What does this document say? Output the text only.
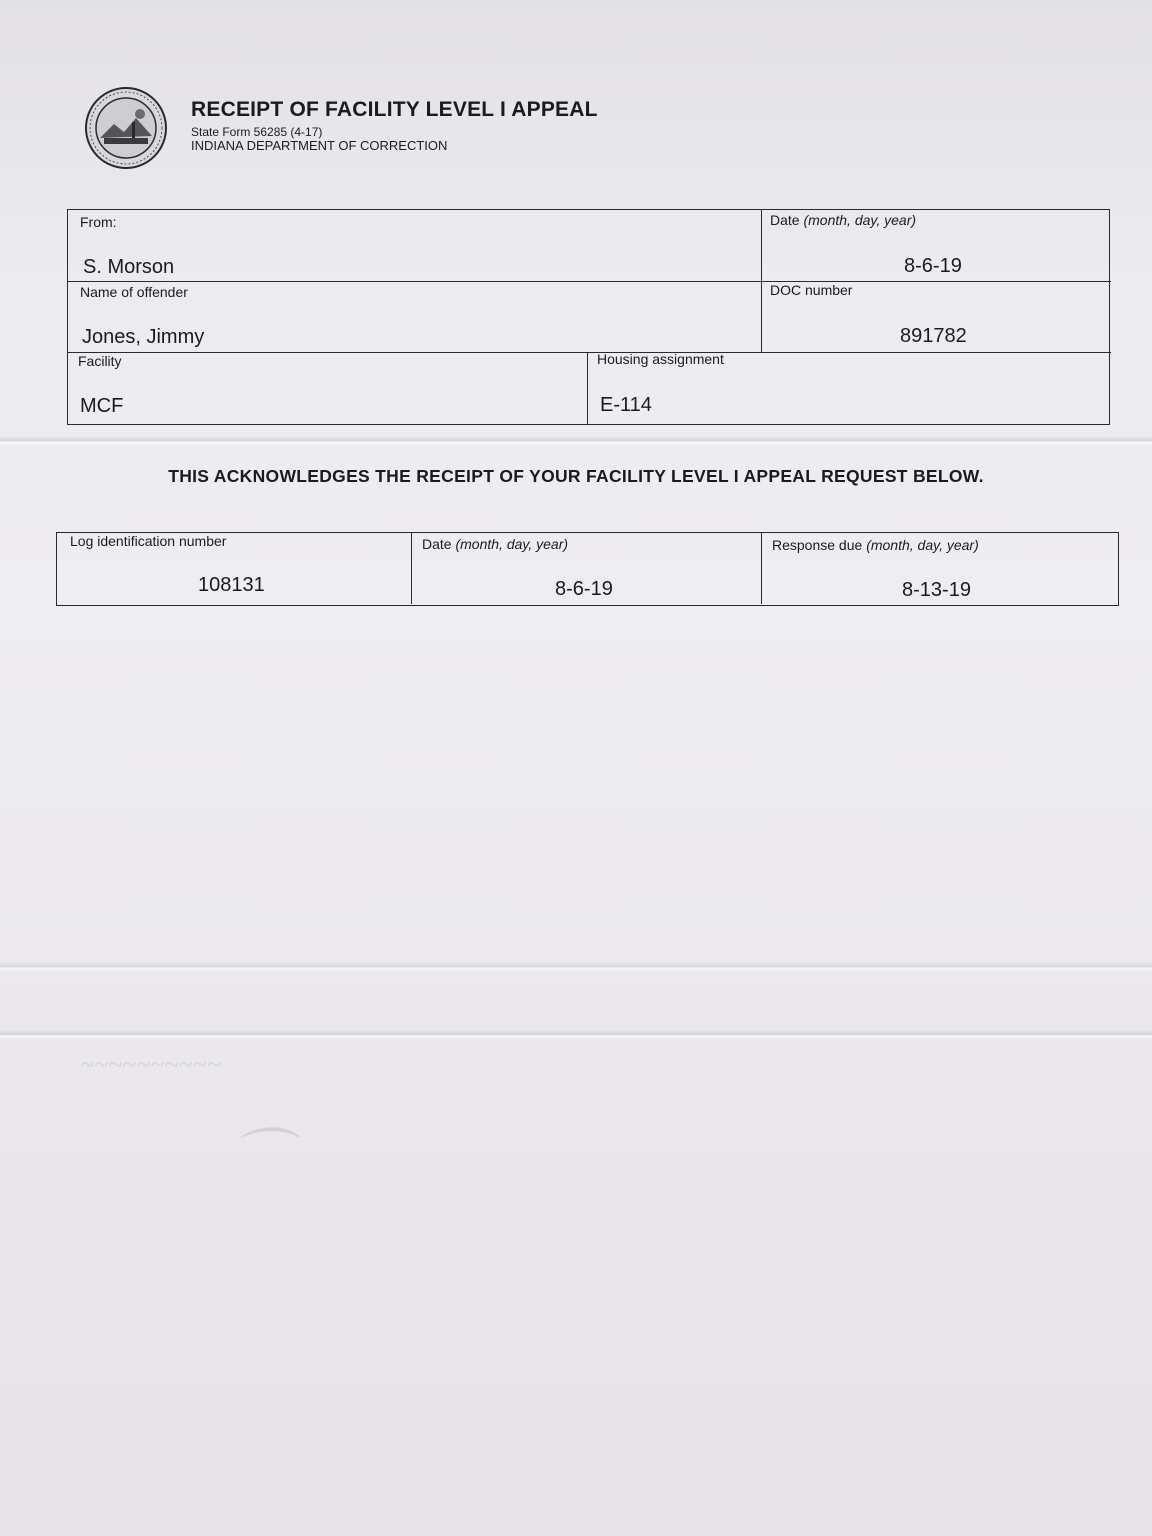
~~~~~~~~~~
⌒
RECEIPT OF FACILITY LEVEL I APPEAL
State Form 56285 (4-17)
INDIANA DEPARTMENT OF CORRECTION
From:
S. Morson
Date (month, day, year)
8-6-19
Name of offender
Jones, Jimmy
DOC number
891782
Facility
MCF
Housing assignment
E-114
THIS ACKNOWLEDGES THE RECEIPT OF YOUR FACILITY LEVEL I APPEAL REQUEST BELOW.
Log identification number
108131
Date (month, day, year)
8-6-19
Response due (month, day, year)
8-13-19
